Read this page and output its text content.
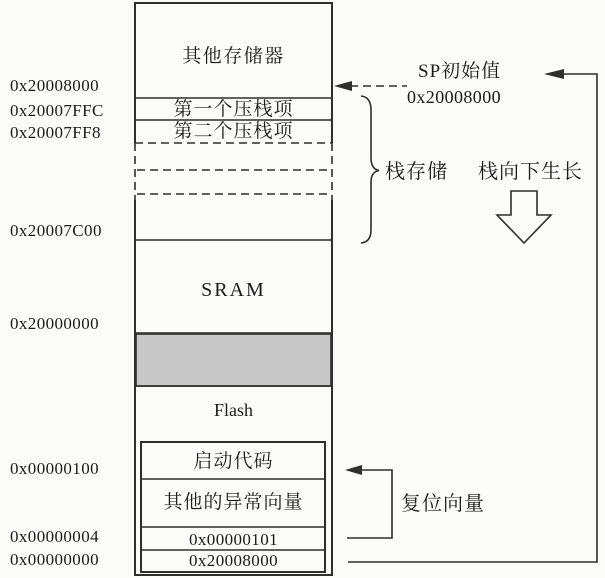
0x20008000
0x20007FFC
0x20007FF8
0x20007C00
0x20000000
0x00000100
0x00000004
0x00000000
其他存储器
第一个压栈项
第二个压栈项
SRAM
Flash
启动代码
其他的异常向量
0x00000101
0x20008000
SP初始值
0x20008000
栈存储 栈向下生长
复位向量
